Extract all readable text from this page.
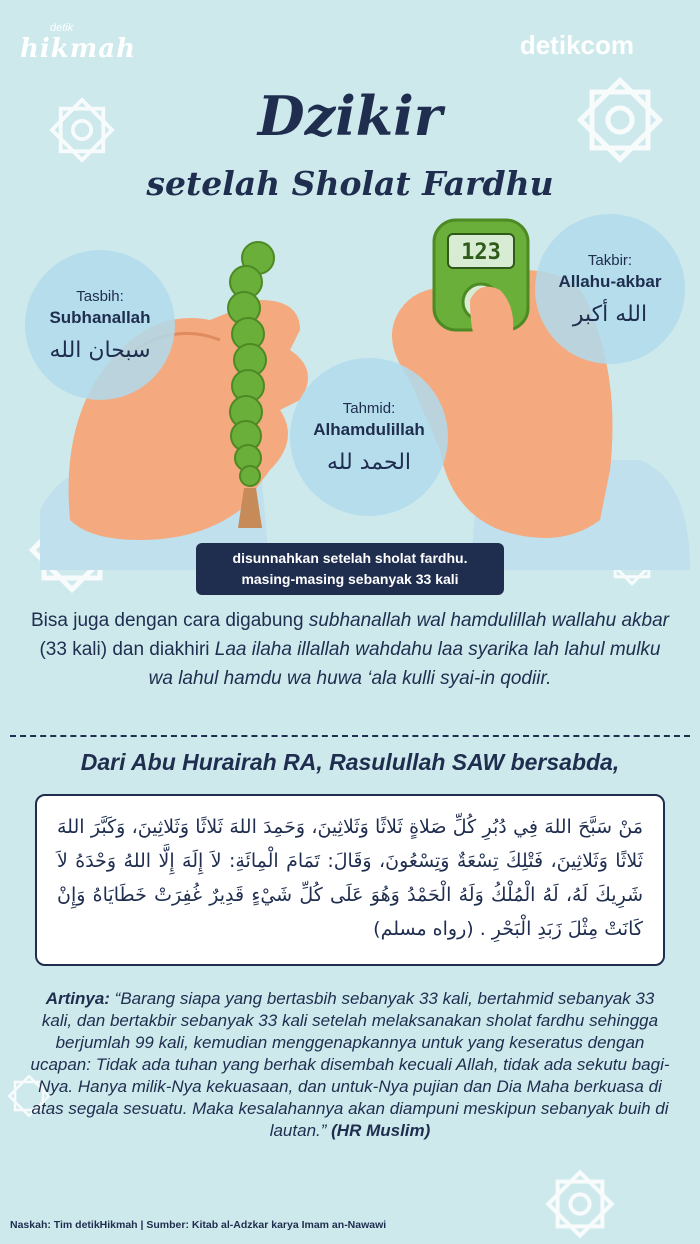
detik
hikmah	detikcom
Dzikir
setelah Sholat Fardhu
123
Tasbih:
Subhanallah
سبحان الله
Tahmid:
Alhamdulillah
الحمد لله
Takbir:
Allahu-akbar
الله أكبر
disunnahkan setelah sholat fardhu.
masing-masing sebanyak 33 kali

Bisa juga dengan cara digabung subhanallah wal hamdulillah wallahu akbar (33 kali) dan diakhiri Laa ilaha illallah wahdahu laa syarika lah lahul mulku wa lahul hamdu wa huwa ‘ala kulli syai-in qodiir.

Dari Abu Hurairah RA, Rasulullah SAW bersabda,

مَنْ سَبَّحَ اللهَ فِي دُبُرِ كُلِّ صَلاةٍ ثَلاثًا وَثَلاثِينَ، وَحَمِدَ اللهَ ثَلاثًا وَثَلاثِينَ، وَكَبَّرَ اللهَ ثَلاثًا وَثَلاثِينَ، فَتْلِكَ تِسْعَةٌ وَتِسْعُونَ، وَقَالَ: تَمَامَ الْمِائَةِ: لاَ إِلَهَ إِلَّا اللهُ وَحْدَهُ لاَ شَرِيكَ لَهُ، لَهُ الْمُلْكُ وَلَهُ الْحَمْدُ وَهُوَ عَلَى كُلِّ شَيْءٍ قَدِيرٌ غُفِرَتْ خَطَايَاهُ وَإِنْ كَانَتْ مِثْلَ زَبَدِ الْبَحْرِ . (رواه مسلم)

Artinya: “Barang siapa yang bertasbih sebanyak 33 kali, bertahmid sebanyak 33 kali, dan bertakbir sebanyak 33 kali setelah melaksanakan sholat fardhu sehingga berjumlah 99 kali, kemudian menggenapkannya untuk yang keseratus dengan ucapan: Tidak ada tuhan yang berhak disembah kecuali Allah, tidak ada sekutu bagi-Nya. Hanya milik-Nya kekuasaan, dan untuk-Nya pujian dan Dia Maha berkuasa di atas segala sesuatu. Maka kesalahannya akan diampuni meskipun sebanyak buih di lautan.” (HR Muslim)

Naskah: Tim detikHikmah | Sumber: Kitab al-Adzkar karya Imam an-Nawawi
